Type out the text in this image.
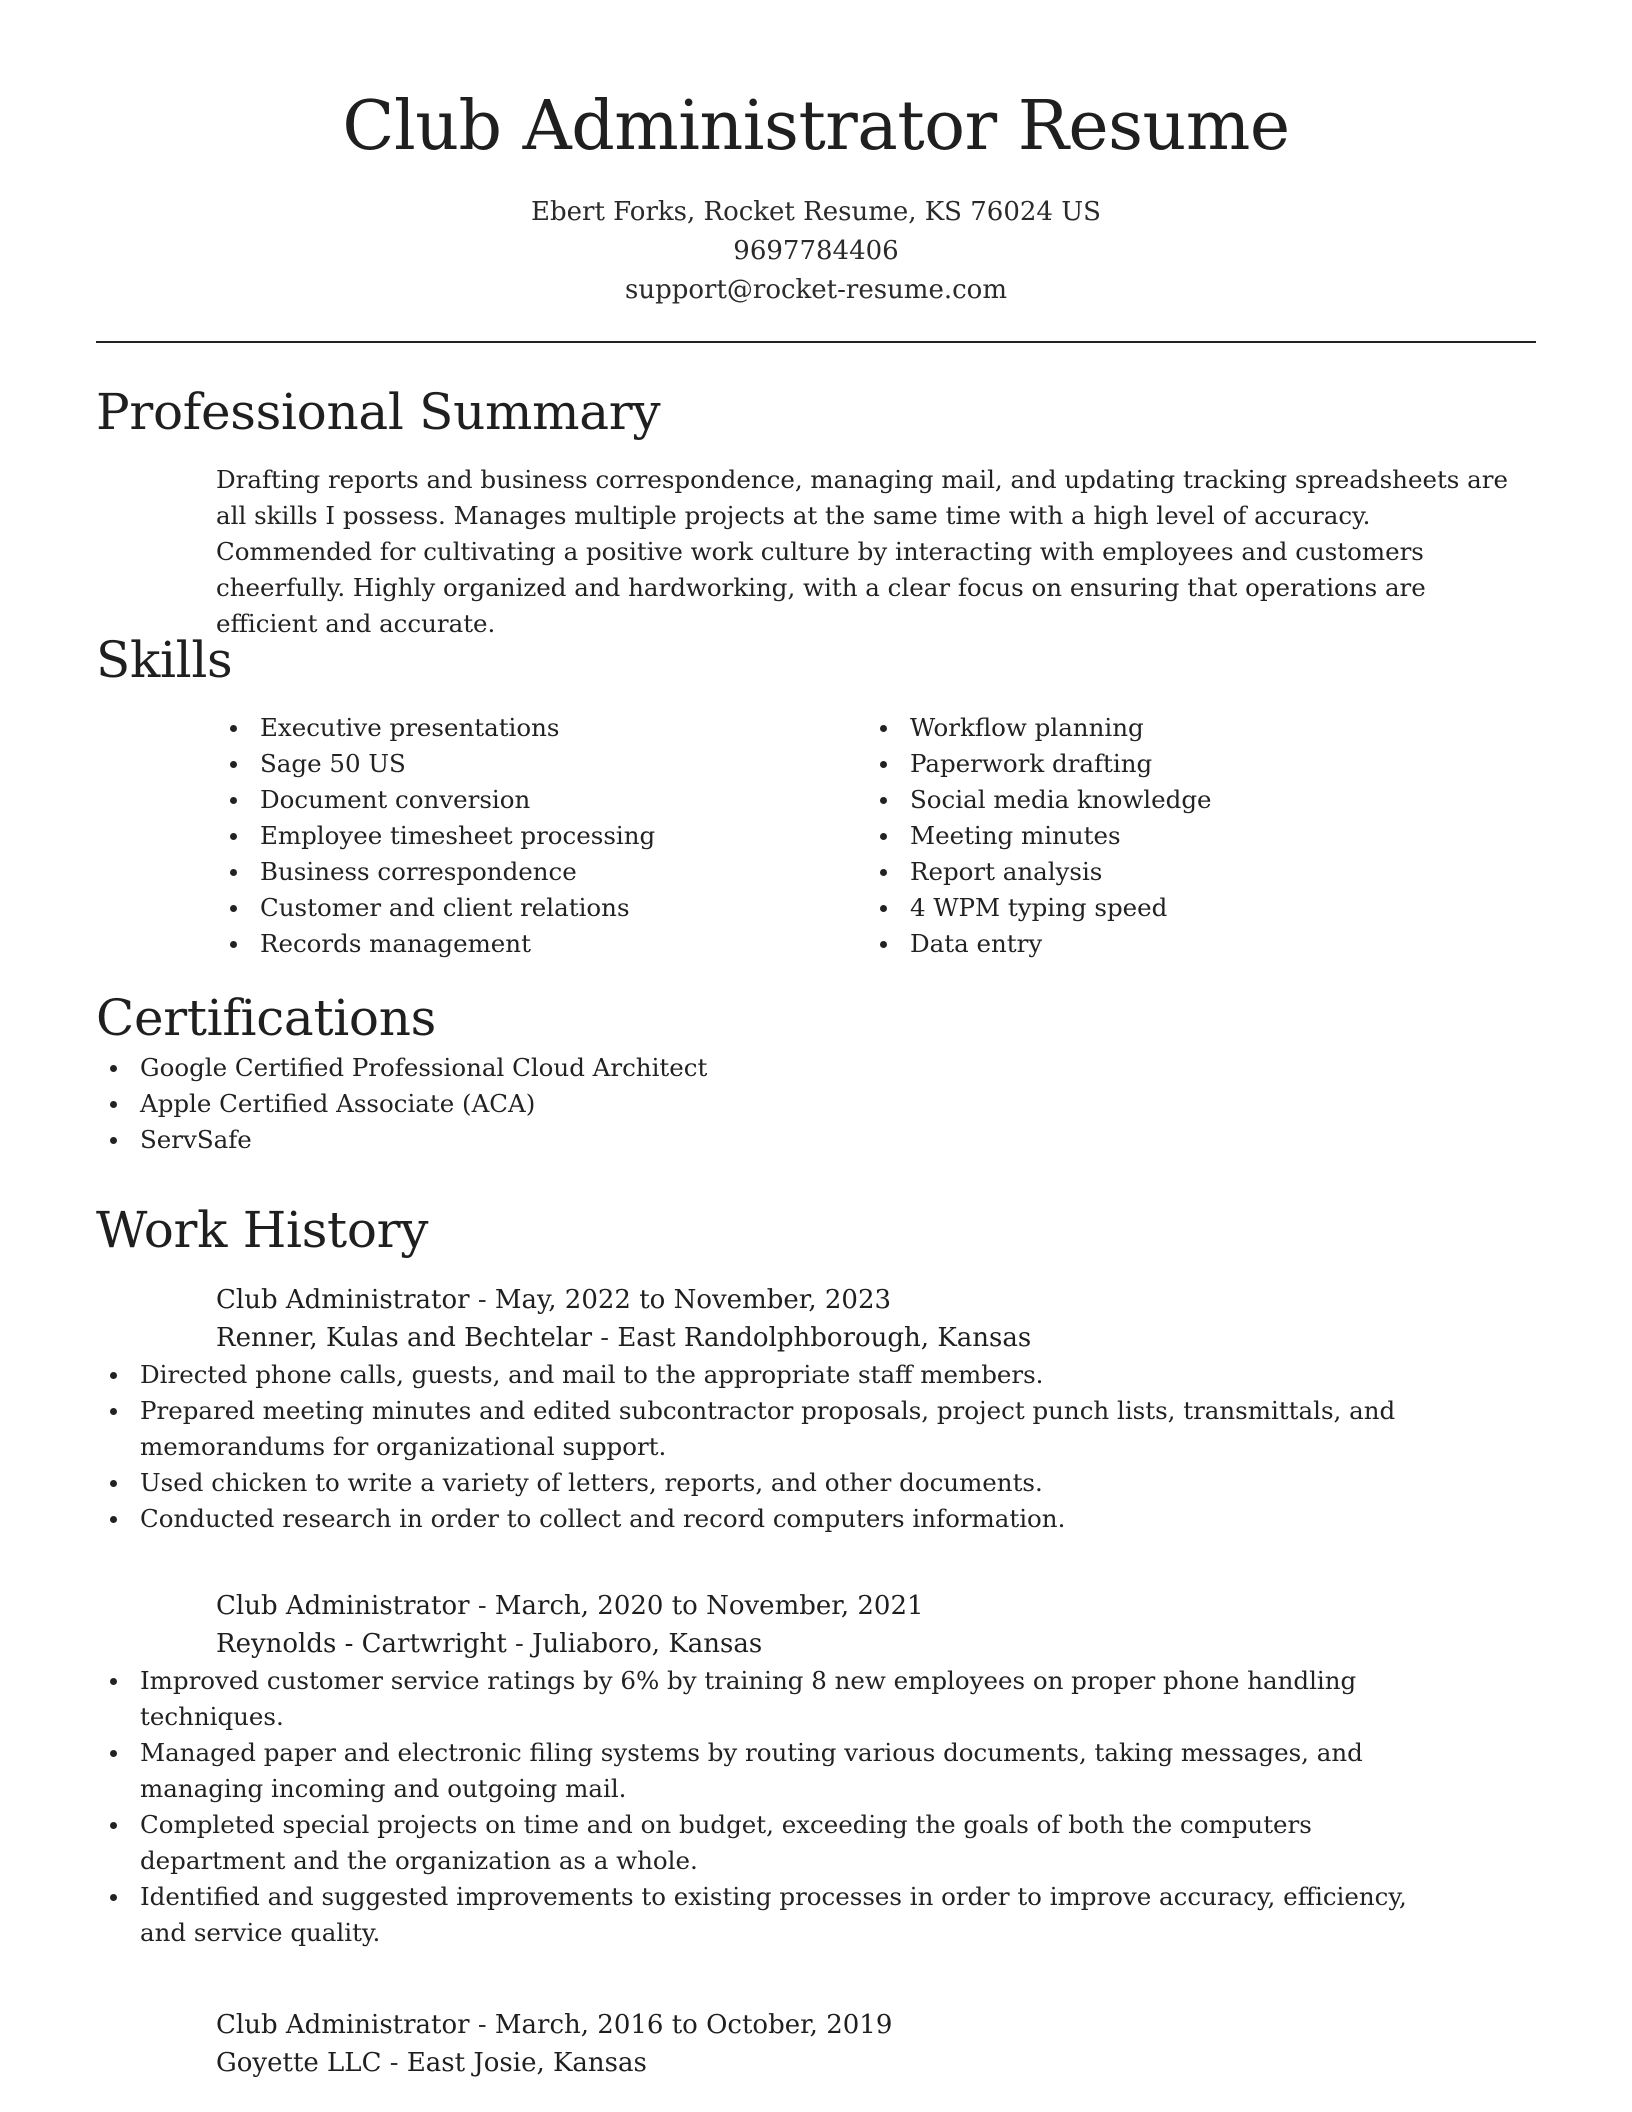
Club Administrator Resume
Ebert Forks, Rocket Resume, KS 76024 US
9697784406
support@rocket-resume.com
Professional Summary
Drafting reports and business correspondence, managing mail, and updating tracking spreadsheets are all skills I possess. Manages multiple projects at the same time with a high level of accuracy. Commended for cultivating a positive work culture by interacting with employees and customers cheerfully. Highly organized and hardworking, with a clear focus on ensuring that operations are efficient and accurate.
Skills
Executive presentations
Sage 50 US
Document conversion
Employee timesheet processing
Business correspondence
Customer and client relations
Records management
Workflow planning
Paperwork drafting
Social media knowledge
Meeting minutes
Report analysis
4 WPM typing speed
Data entry
Certifications
Google Certified Professional Cloud Architect
Apple Certified Associate (ACA)
ServSafe
Work History
Club Administrator - May, 2022 to November, 2023
Renner, Kulas and Bechtelar - East Randolphborough, Kansas
Directed phone calls, guests, and mail to the appropriate staff members.
Prepared meeting minutes and edited subcontractor proposals, project punch lists, transmittals, and memorandums for organizational support.
Used chicken to write a variety of letters, reports, and other documents.
Conducted research in order to collect and record computers information.
Club Administrator - March, 2020 to November, 2021
Reynolds - Cartwright - Juliaboro, Kansas
Improved customer service ratings by 6% by training 8 new employees on proper phone handling techniques.
Managed paper and electronic filing systems by routing various documents, taking messages, and managing incoming and outgoing mail.
Completed special projects on time and on budget, exceeding the goals of both the computers department and the organization as a whole.
Identified and suggested improvements to existing processes in order to improve accuracy, efficiency, and service quality.
Club Administrator - March, 2016 to October, 2019
Goyette LLC - East Josie, Kansas
